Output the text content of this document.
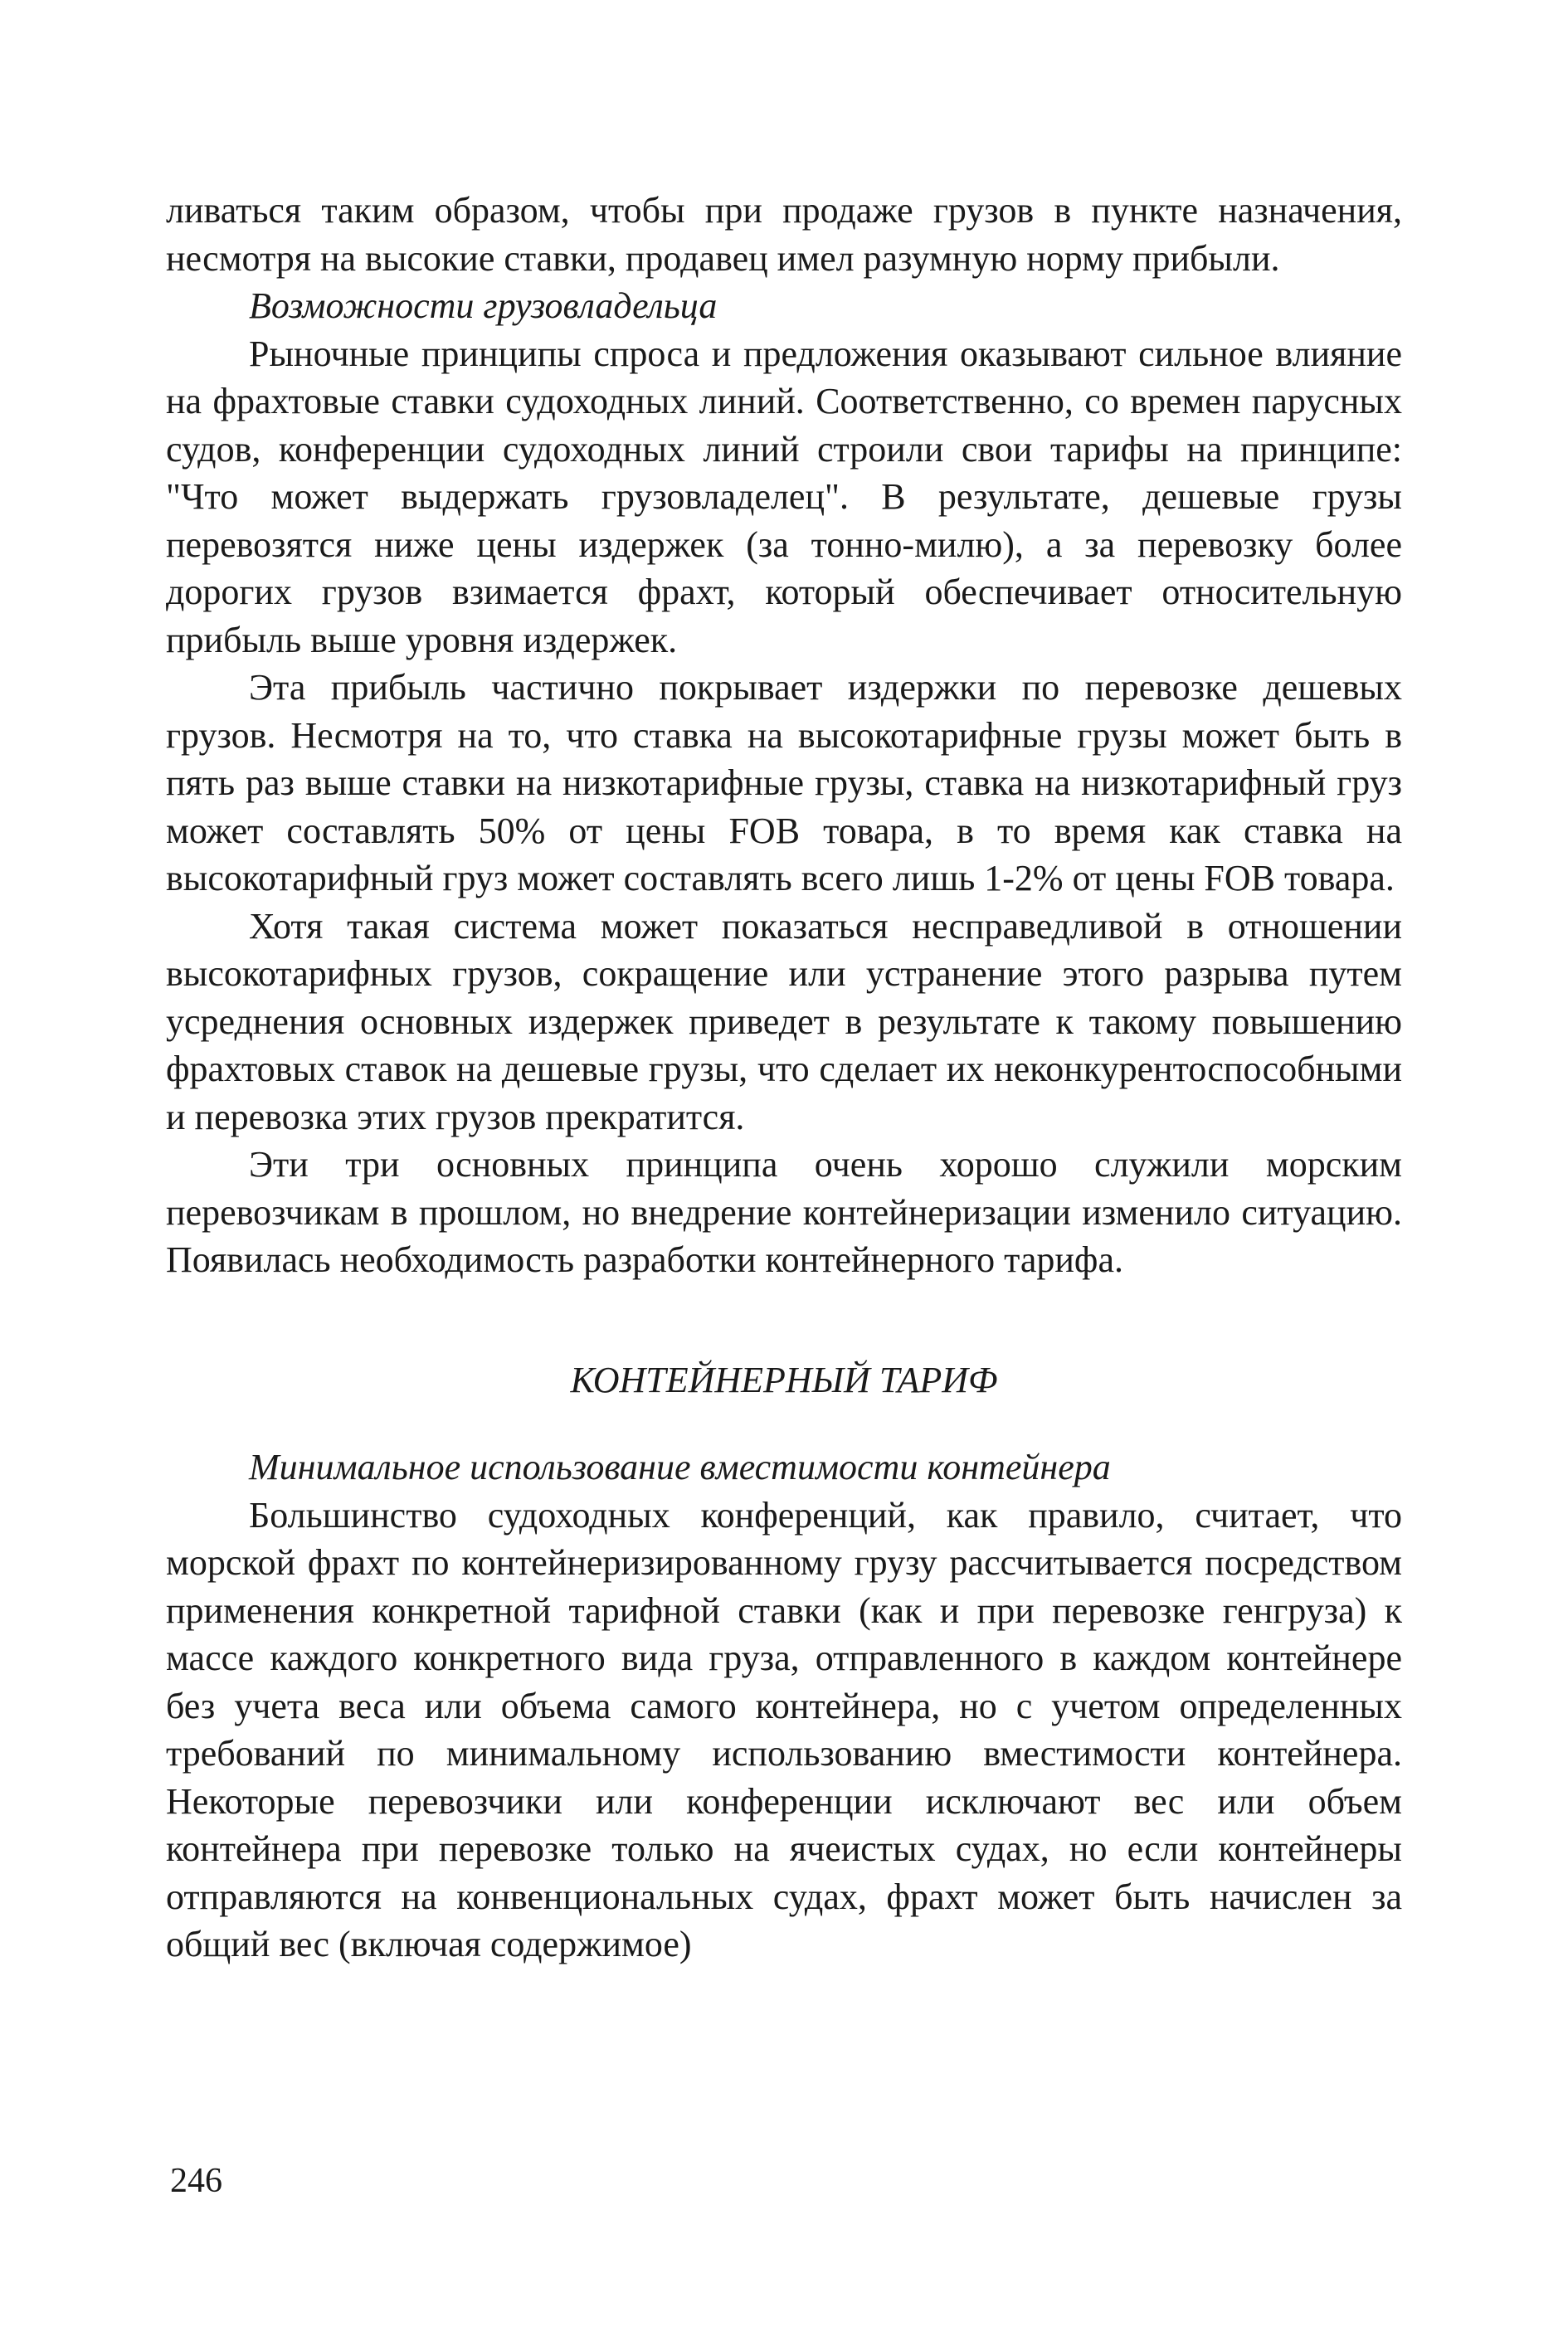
ливаться таким образом, чтобы при продаже грузов в пункте назначения, несмотря на высокие ставки, продавец имел разумную норму прибыли.

Возможности грузовладельца

Рыночные принципы спроса и предложения оказывают сильное влияние на фрахтовые ставки судоходных линий. Соответственно, со времен парусных судов, конференции судоходных линий строили свои тарифы на принципе: "Что может выдержать грузовладелец". В результате, дешевые грузы перевозятся ниже цены издержек (за тонно-милю), а за перевозку более дорогих грузов взимается фрахт, который обеспечивает относительную прибыль выше уровня издержек.

Эта прибыль частично покрывает издержки по перевозке дешевых грузов. Несмотря на то, что ставка на высокотарифные грузы может быть в пять раз выше ставки на низкотарифные грузы, ставка на низкотарифный груз может составлять 50% от цены FOB товара, в то время как ставка на высокотарифный груз может составлять всего лишь 1-2% от цены FOB товара.

Хотя такая система может показаться несправедливой в отношении высокотарифных грузов, сокращение или устранение этого разрыва путем усреднения основных издержек приведет в результате к такому повышению фрахтовых ставок на дешевые грузы, что сделает их неконкурентоспособными и перевозка этих грузов прекратится.

Эти три основных принципа очень хорошо служили морским перевозчикам в прошлом, но внедрение контейнеризации изменило ситуацию. Появилась необходимость разработки контейнерного тарифа.

КОНТЕЙНЕРНЫЙ ТАРИФ

Минимальное использование вместимости контейнера

Большинство судоходных конференций, как правило, считает, что морской фрахт по контейнеризированному грузу рассчитывается посредством применения конкретной тарифной ставки (как и при перевозке генгруза) к массе каждого конкретного вида груза, отправленного в каждом контейнере без учета веса или объема самого контейнера, но с учетом определенных требований по минимальному использованию вместимости контейнера. Некоторые перевозчики или конференции исключают вес или объем контейнера при перевозке только на ячеистых судах, но если контейнеры отправляются на конвенциональных судах, фрахт может быть начислен за общий вес (включая содержимое)

246
